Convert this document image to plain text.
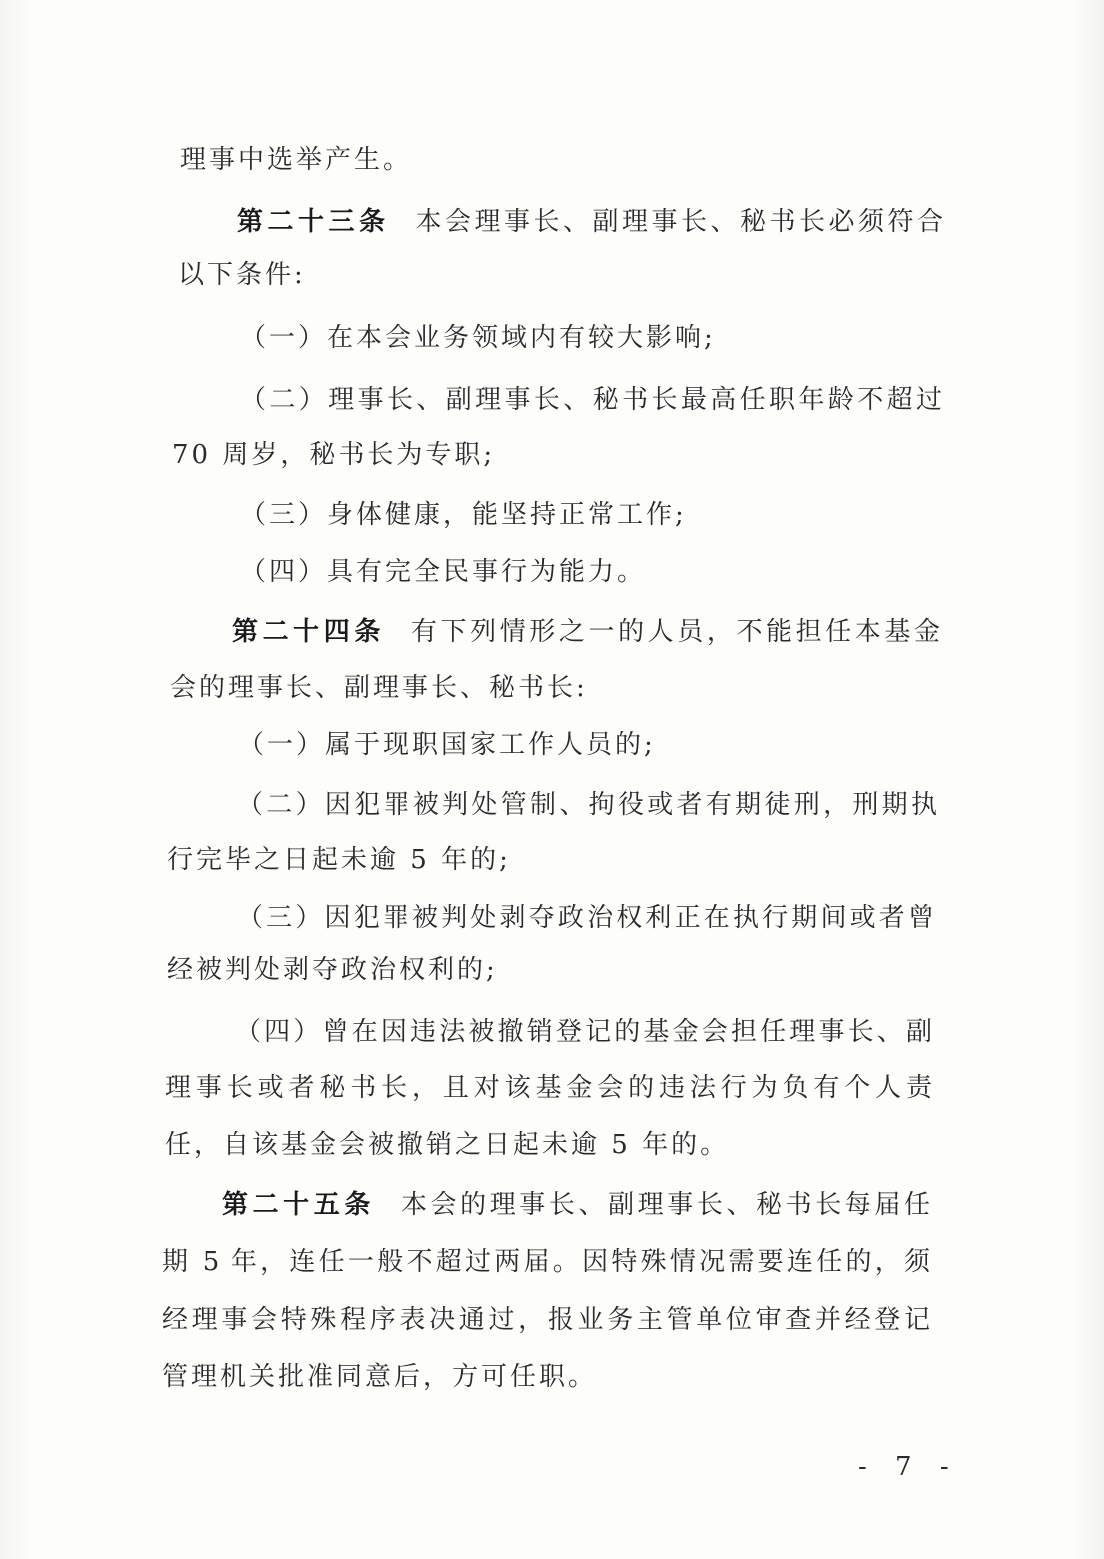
理事中选举产生。
第二十三条 本会理事长、副理事长、秘书长必须符合
以下条件:
（一）在本会业务领域内有较大影响;
（二）理事长、副理事长、秘书长最高任职年龄不超过
70 周岁，秘书长为专职;
（三）身体健康，能坚持正常工作;
（四）具有完全民事行为能力。
第二十四条 有下列情形之一的人员，不能担任本基金
会的理事长、副理事长、秘书长:
（一）属于现职国家工作人员的;
（二）因犯罪被判处管制、拘役或者有期徒刑，刑期执
行完毕之日起未逾 5 年的;
（三）因犯罪被判处剥夺政治权利正在执行期间或者曾
经被判处剥夺政治权利的;
（四）曾在因违法被撤销登记的基金会担任理事长、副
理事长或者秘书长，且对该基金会的违法行为负有个人责
任，自该基金会被撤销之日起未逾 5 年的。
第二十五条 本会的理事长、副理事长、秘书长每届任
期 5 年，连任一般不超过两届。因特殊情况需要连任的，须
经理事会特殊程序表决通过，报业务主管单位审查并经登记
管理机关批准同意后，方可任职。
- 7 -
